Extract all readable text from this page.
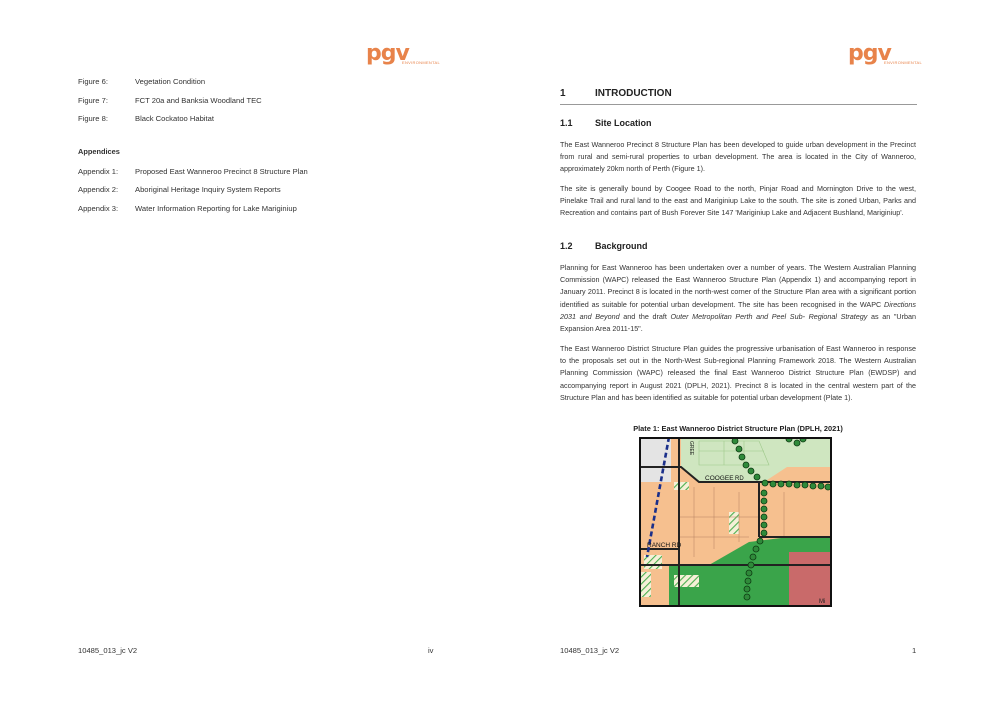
pgv
ENVIRONMENTAL
Figure 6:	Vegetation Condition
Figure 7:	FCT 20a and Banksia Woodland TEC
Figure 8:	Black Cockatoo Habitat
Appendices
Appendix 1: Proposed East Wanneroo Precinct 8 Structure Plan
Appendix 2: Aboriginal Heritage Inquiry System Reports
Appendix 3: Water Information Reporting for Lake Mariginiup
10485_013_jc V2	iv
pgv
ENVIRONMENTAL
1	INTRODUCTION
1.1 Site Location

The East Wanneroo Precinct 8 Structure Plan has been developed to guide urban development in the Precinct from rural and semi-rural properties to urban development. The area is located in the City of Wanneroo, approximately 20km north of Perth (Figure 1).

The site is generally bound by Coogee Road to the north, Pinjar Road and Mornington Drive to the west, Pinelake Trail and rural land to the east and Mariginiup Lake to the south. The site is zoned Urban, Parks and Recreation and contains part of Bush Forever Site 147 'Mariginiup Lake and Adjacent Bushland, Mariginiup'.

1.2 Background

Planning for East Wanneroo has been undertaken over a number of years. The Western Australian Planning Commission (WAPC) released the East Wanneroo Structure Plan (Appendix 1) and accompanying report in January 2011. Precinct 8 is located in the north-west corner of the Structure Plan area with a significant portion identified as suitable for potential urban development. The site has been recognised in the WAPC Directions 2031 and Beyond and the draft Outer Metropolitan Perth and Peel Sub- Regional Strategy as an "Urban Expansion Area 2011-15".

The East Wanneroo District Structure Plan guides the progressive urbanisation of East Wanneroo in response to the proposals set out in the North-West Sub-regional Planning Framework 2018. The Western Australian Planning Commission (WAPC) released the final East Wanneroo District Structure Plan (EWDSP) and accompanying report in August 2021 (DPLH, 2021). Precinct 8 is located in the central western part of the Structure Plan and has been identified as suitable for potential urban development (Plate 1).

Plate 1: East Wanneroo District Structure Plan (DPLH, 2021)
COOGEE RD
RANCH RD
GREE
Mi
10485_013_jc V2	1
